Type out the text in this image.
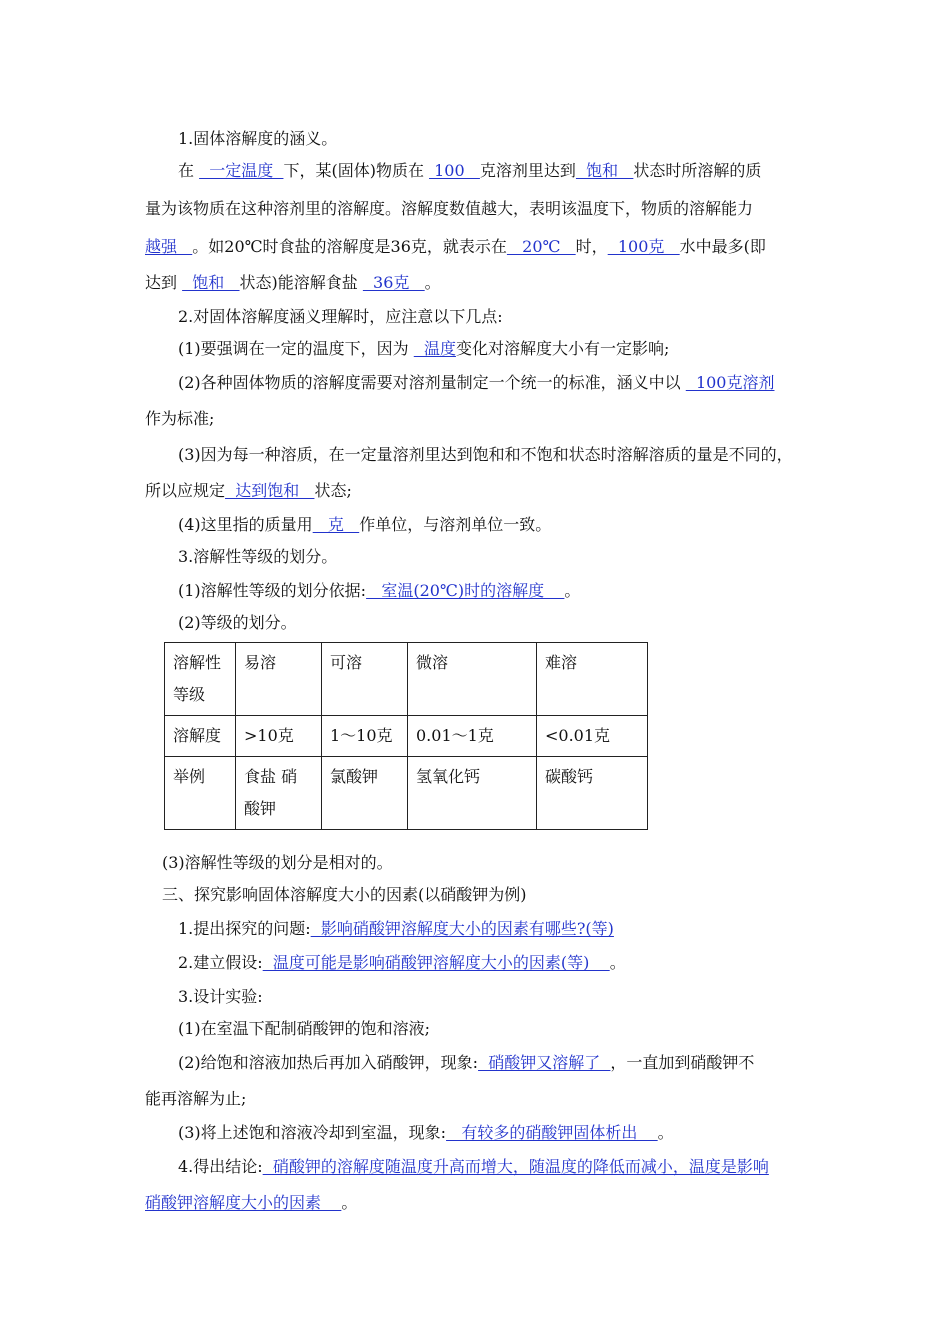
1.固体溶解度的涵义。
在   一定温度  下，某(固体)物质在  100   克溶剂里达到  饱和   状态时所溶解的质
量为该物质在这种溶剂里的溶解度。溶解度数值越大，表明该温度下，物质的溶解能力
越强   。如20℃时食盐的溶解度是36克，就表示在   20℃   时，  100克   水中最多(即
达到   饱和   状态)能溶解食盐   36克   。
2.对固体溶解度涵义理解时，应注意以下几点:
(1)要强调在一定的温度下，因为   温度变化对溶解度大小有一定影响;
(2)各种固体物质的溶解度需要对溶剂量制定一个统一的标准，涵义中以   100克溶剂
作为标准;
(3)因为每一种溶质，在一定量溶剂里达到饱和和不饱和状态时溶解溶质的量是不同的，
所以应规定  达到饱和   状态;
(4)这里指的质量用   克   作单位，与溶剂单位一致。
3.溶解性等级的划分。
(1)溶解性等级的划分依据:   室温(20℃)时的溶解度    。
(2)等级的划分。
溶解性等级	易溶	可溶	微溶	难溶
溶解度	>10克	1～10克	0.01～1克	<0.01克
举例	食盐 硝酸钾	氯酸钾	氢氧化钙	碳酸钙
(3)溶解性等级的划分是相对的。
三、探究影响固体溶解度大小的因素(以硝酸钾为例)
1.提出探究的问题:  影响硝酸钾溶解度大小的因素有哪些?(等)
2.建立假设:  温度可能是影响硝酸钾溶解度大小的因素(等)    。
3.设计实验:
(1)在室温下配制硝酸钾的饱和溶液;
(2)给饱和溶液加热后再加入硝酸钾，现象:  硝酸钾又溶解了  ，一直加到硝酸钾不
能再溶解为止;
(3)将上述饱和溶液冷却到室温，现象:   有较多的硝酸钾固体析出    。
4.得出结论:  硝酸钾的溶解度随温度升高而增大，随温度的降低而减小，温度是影响
硝酸钾溶解度大小的因素    。
